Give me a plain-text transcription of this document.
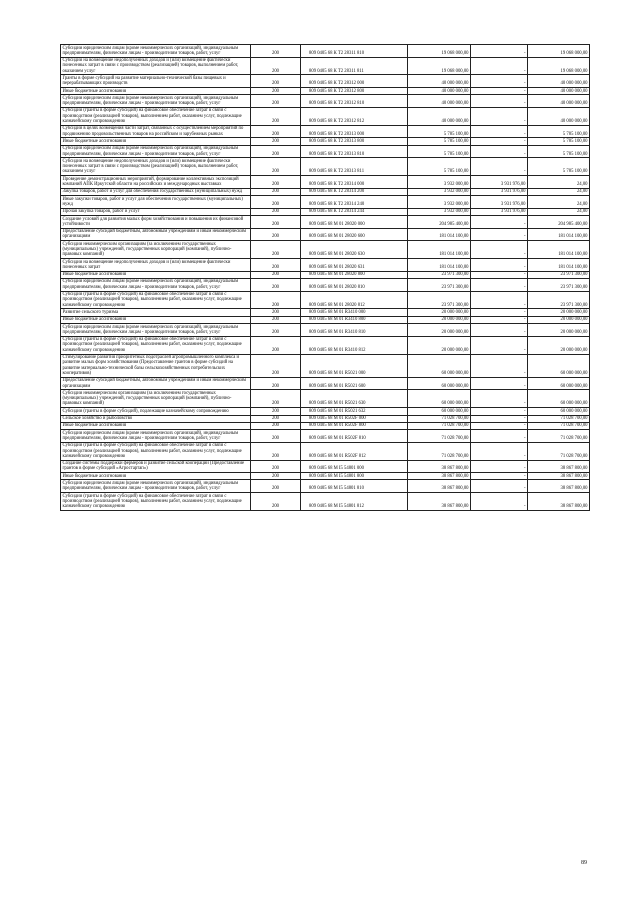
Субсидии юридическим лицам (кроме некоммерческих организаций), индивидуальным предпринимателям, физическим лицам - производителям товаров, работ, услуг	200	809 0405 68 К Т2 28311 810	19 068 000,00	-	19 068 000,00
Субсидии на возмещение недополученных доходов и (или) возмещение фактически понесенных затрат в связи с производством (реализацией) товаров, выполнением работ, оказанием услуг	200	809 0405 68 К Т2 28311 811	19 068 000,00	-	19 068 000,00
Гранты в форме субсидий на развитие материально-технической базы пищевых и перерабатывающих производств	200	809 0405 68 К Т2 28312 000	40 000 000,00	-	40 000 000,00
Иные бюджетные ассигнования	200	809 0405 68 К Т2 28312 800	40 000 000,00	-	40 000 000,00
Субсидии юридическим лицам (кроме некоммерческих организаций), индивидуальным предпринимателям, физическим лицам - производителям товаров, работ, услуг	200	809 0405 68 К Т2 28312 810	40 000 000,00	-	40 000 000,00
Субсидии (гранты в форме субсидий) на финансовое обеспечение затрат в связи с производством (реализацией товаров), выполнением работ, оказанием услуг, подлежащие казначейскому сопровождению	200	809 0405 68 К Т2 28312 812	40 000 000,00	-	40 000 000,00
Субсидии в целях возмещения части затрат, связанных с осуществлением мероприятий по продвижению продовольственных товаров на российском и зарубежных рынках	200	809 0405 68 К Т2 28313 000	5 785 100,00	-	5 785 100,00
Иные бюджетные ассигнования	200	809 0405 68 К Т2 28313 800	5 785 100,00	-	5 785 100,00
Субсидии юридическим лицам (кроме некоммерческих организаций), индивидуальным предпринимателям, физическим лицам - производителям товаров, работ, услуг	200	809 0405 68 К Т2 28313 810	5 785 100,00	-	5 785 100,00
Субсидии на возмещение недополученных доходов и (или) возмещение фактически понесенных затрат в связи с производством (реализацией) товаров, выполнением работ, оказанием услуг	200	809 0405 68 К Т2 28313 811	5 785 100,00	-	5 785 100,00
Проведение демонстрационных мероприятий, формирование коллективных экспозиций компаний АПК Иркутской области на российских и международных выставках	200	809 0405 68 К Т2 28314 000	3 932 000,00	3 931 976,00	24,00
Закупка товаров, работ и услуг для обеспечения государственных (муниципальных) нужд	200	809 0405 68 К Т2 28314 200	3 932 000,00	3 931 976,00	24,00
Иные закупки товаров, работ и услуг для обеспечения государственных (муниципальных) нужд	200	809 0405 68 К Т2 28314 240	3 932 000,00	3 931 976,00	24,00
Прочая закупка товаров, работ и услуг	200	809 0405 68 К Т2 28314 244	3 932 000,00	3 931 976,00	24,00
Создание условий для развития малых форм хозяйствования и повышения их финансовой устойчивости	200	809 0405 68 М 01 28020 000	204 985 400,00	-	204 985 400,00
Предоставление субсидий бюджетным, автономным учреждениям и иным некоммерческим организациям	200	809 0405 68 М 01 28020 600	181 014 100,00	-	181 014 100,00
Субсидии некоммерческим организациям (за исключением государственных (муниципальных) учреждений, государственных корпораций (компаний), публично-правовых компаний)	200	809 0405 68 М 01 28020 630	181 014 100,00	-	181 014 100,00
Субсидии на возмещение недополученных доходов и (или) возмещение фактически понесенных затрат	200	809 0405 68 М 01 28020 631	181 014 100,00	-	181 014 100,00
Иные бюджетные ассигнования	200	809 0405 68 М 01 28020 800	23 971 300,00	-	23 971 300,00
Субсидии юридическим лицам (кроме некоммерческих организаций), индивидуальным предпринимателям, физическим лицам - производителям товаров, работ, услуг	200	809 0405 68 М 01 28020 810	23 971 300,00	-	23 971 300,00
Субсидии (гранты в форме субсидий) на финансовое обеспечение затрат в связи с производством (реализацией товаров), выполнением работ, оказанием услуг, подлежащие казначейскому сопровождению	200	809 0405 68 М 01 28020 812	23 971 300,00	-	23 971 300,00
Развитие сельского туризма	200	809 0405 68 М 01 R3410 000	20 000 000,00	-	20 000 000,00
Иные бюджетные ассигнования	200	809 0405 68 М 01 R3410 800	20 000 000,00	-	20 000 000,00
Субсидии юридическим лицам (кроме некоммерческих организаций), индивидуальным предпринимателям, физическим лицам - производителям товаров, работ, услуг	200	809 0405 68 М 01 R3410 810	20 000 000,00	-	20 000 000,00
Субсидии (гранты в форме субсидий) на финансовое обеспечение затрат в связи с производством (реализацией товаров), выполнением работ, оказанием услуг, подлежащие казначейскому сопровождению	200	809 0405 68 М 01 R3410 812	20 000 000,00	-	20 000 000,00
Стимулирование развития приоритетных подотраслей агропромышленного комплекса и развитие малых форм хозяйствования (Предоставление грантов в форме субсидий на развитие материально-технической базы сельскохозяйственных потребительских кооперативов)	200	809 0405 68 М 01 R5021 000	60 000 000,00	-	60 000 000,00
Предоставление субсидий бюджетным, автономным учреждениям и иным некоммерческим организациям	200	809 0405 68 М 01 R5021 600	60 000 000,00	-	60 000 000,00
Субсидии некоммерческим организациям (за исключением государственных (муниципальных) учреждений, государственных корпораций (компаний), публично-правовых компаний)	200	809 0405 68 М 01 R5021 630	60 000 000,00	-	60 000 000,00
Субсидии (гранты в форме субсидий), подлежащие казначейскому сопровождению	200	809 0405 68 М 01 R5021 632	60 000 000,00	-	60 000 000,00
Сельское хозяйство и рыболовство	200	809 0405 68 М 01 R502F 000	71 028 700,00	-	71 028 700,00
Иные бюджетные ассигнования	200	809 0405 68 М 01 R502F 800	71 028 700,00	-	71 028 700,00
Субсидии юридическим лицам (кроме некоммерческих организаций), индивидуальным предпринимателям, физическим лицам - производителям товаров, работ, услуг	200	809 0405 68 М 01 R502F 810	71 028 700,00	-	71 028 700,00
Субсидии (гранты в форме субсидий) на финансовое обеспечение затрат в связи с производством (реализацией товаров), выполнением работ, оказанием услуг, подлежащие казначейскому сопровождению	200	809 0405 68 М 01 R502F 812	71 028 700,00	-	71 028 700,00
Создание системы поддержки фермеров и развитие сельской кооперации (Предоставление грантов в форме субсидий «Агростартап»)	200	809 0405 68 М I5 54801 000	38 867 800,00	-	38 867 800,00
Иные бюджетные ассигнования	200	809 0405 68 М I5 54801 800	38 867 800,00	-	38 867 800,00
Субсидии юридическим лицам (кроме некоммерческих организаций), индивидуальным предпринимателям, физическим лицам - производителям товаров, работ, услуг	200	809 0405 68 М I5 54801 810	38 867 800,00	-	38 867 800,00
Субсидии (гранты в форме субсидий) на финансовое обеспечение затрат в связи с производством (реализацией товаров), выполнением работ, оказанием услуг, подлежащие казначейскому сопровождению	200	809 0405 68 М I5 54801 812	38 867 800,00	-	38 867 800,00
89
